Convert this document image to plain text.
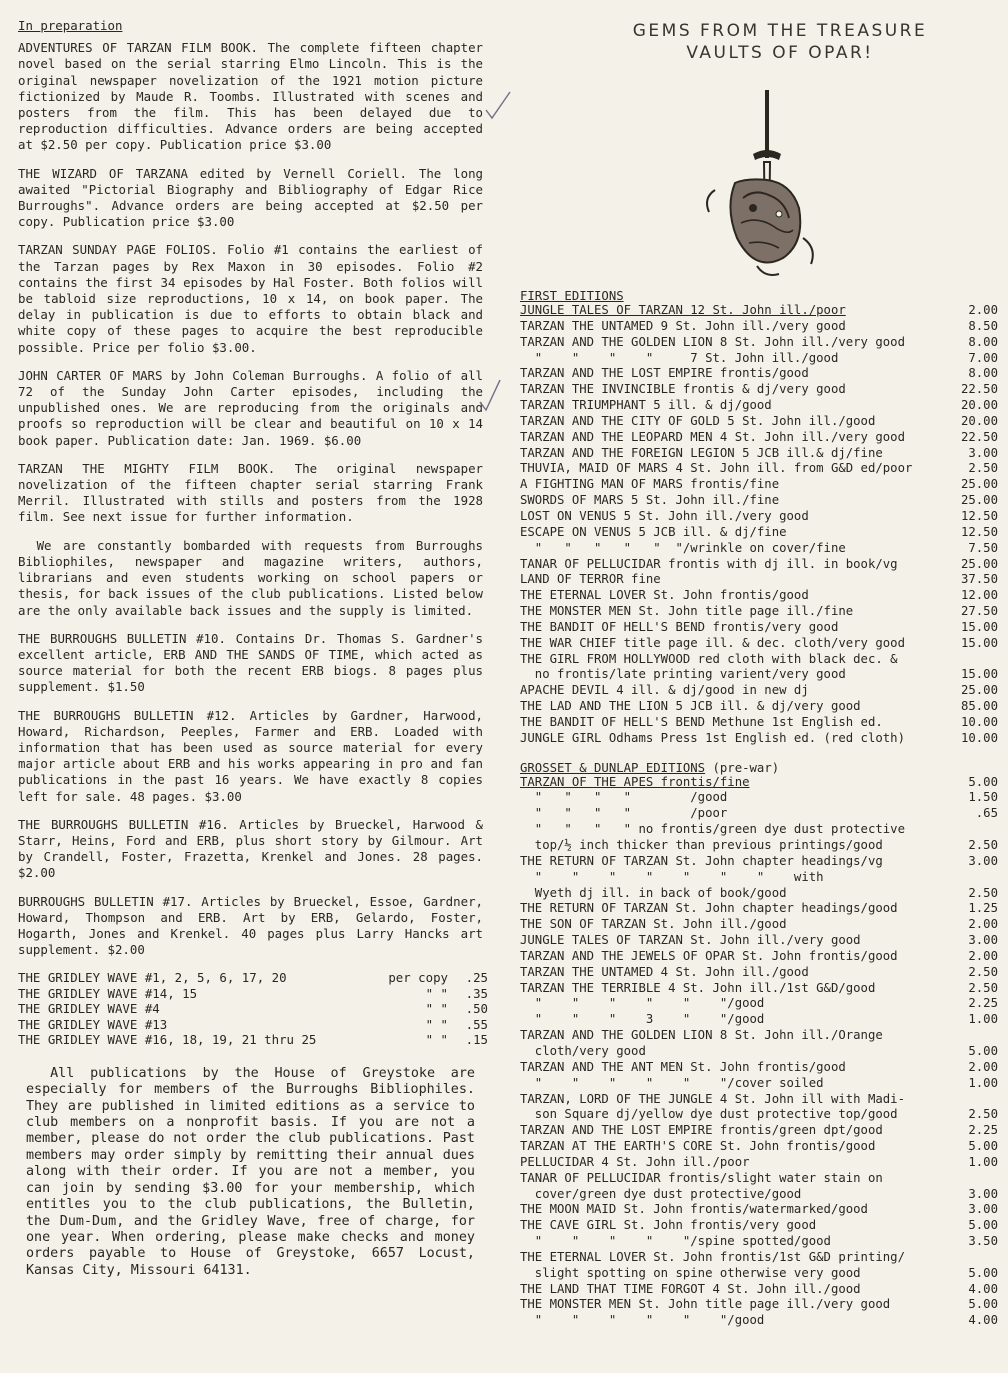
In preparation

ADVENTURES OF TARZAN FILM BOOK. The complete fifteen chapter novel based on the serial starring Elmo Lincoln. This is the original newspaper novelization of the 1921 motion picture fictionized by Maude R. Toombs. Illustrated with scenes and posters from the film. This has been delayed due to reproduction difficulties. Advance orders are being accepted at $2.50 per copy. Publication price $3.00

THE WIZARD OF TARZANA edited by Vernell Coriell. The long awaited "Pictorial Biography and Bibliography of Edgar Rice Burroughs". Advance orders are being accepted at $2.50 per copy. Publication price $3.00

TARZAN SUNDAY PAGE FOLIOS. Folio #1 contains the earliest of the Tarzan pages by Rex Maxon in 30 episodes. Folio #2 contains the first 34 episodes by Hal Foster. Both folios will be tabloid size reproductions, 10 x 14, on book paper. The delay in publication is due to efforts to obtain black and white copy of these pages to acquire the best reproducible possible. Price per folio $3.00.

JOHN CARTER OF MARS by John Coleman Burroughs. A folio of all 72 of the Sunday John Carter episodes, including the unpublished ones. We are reproducing from the originals and proofs so reproduction will be clear and beautiful on 10 x 14 book paper. Publication date: Jan. 1969. $6.00

TARZAN THE MIGHTY FILM BOOK. The original newspaper novelization of the fifteen chapter serial starring Frank Merril. Illustrated with stills and posters from the 1928 film. See next issue for further information.

We are constantly bombarded with requests from Burroughs Bibliophiles, newspaper and magazine writers, authors, librarians and even students working on school papers or thesis, for back issues of the club publications. Listed below are the only available back issues and the supply is limited.

THE BURROUGHS BULLETIN #10. Contains Dr. Thomas S. Gardner's excellent article, ERB AND THE SANDS OF TIME, which acted as source material for both the recent ERB biogs. 8 pages plus supplement. $1.50

THE BURROUGHS BULLETIN #12. Articles by Gardner, Harwood, Howard, Richardson, Peeples, Farmer and ERB. Loaded with information that has been used as source material for every major article about ERB and his works appearing in pro and fan publications in the past 16 years. We have exactly 8 copies left for sale. 48 pages. $3.00

THE BURROUGHS BULLETIN #16. Articles by Brueckel, Harwood & Starr, Heins, Ford and ERB, plus short story by Gilmour. Art by Crandell, Foster, Frazetta, Krenkel and Jones. 28 pages. $2.00

BURROUGHS BULLETIN #17. Articles by Brueckel, Essoe, Gardner, Howard, Thompson and ERB. Art by ERB, Gelardo, Foster, Hogarth, Jones and Krenkel. 40 pages plus Larry Hancks art supplement. $2.00

THE GRIDLEY WAVE #1, 2, 5, 6, 17, 20	per copy	.25
THE GRIDLEY WAVE #14, 15	" "	.35
THE GRIDLEY WAVE #4	" "	.50
THE GRIDLEY WAVE #13	" "	.55
THE GRIDLEY WAVE #16, 18, 19, 21 thru 25	" "	.15
All publications by the House of Greystoke are especially for members of the Burroughs Bibliophiles. They are published in limited editions as a service to club members on a nonprofit basis. If you are not a member, please do not order the club publications. Past members may order simply by remitting their annual dues along with their order. If you are not a member, you can join by sending $3.00 for your membership, which entitles you to the club publications, the Bulletin, the Dum-Dum, and the Gridley Wave, free of charge, for one year. When ordering, please make checks and money orders payable to House of Greystoke, 6657 Locust, Kansas City, Missouri 64131.
GEMS FROM THE TREASURE
VAULTS OF OPAR!
FIRST EDITIONS
JUNGLE TALES OF TARZAN 12 St. John ill./poor	2.00
TARZAN THE UNTAMED 9 St. John ill./very good	8.50
TARZAN AND THE GOLDEN LION 8 St. John ill./very good	8.00
"    "    "    "     7 St. John ill./good	7.00
TARZAN AND THE LOST EMPIRE frontis/good	8.00
TARZAN THE INVINCIBLE frontis & dj/very good	22.50
TARZAN TRIUMPHANT 5 ill. & dj/good	20.00
TARZAN AND THE CITY OF GOLD 5 St. John ill./good	20.00
TARZAN AND THE LEOPARD MEN 4 St. John ill./very good	22.50
TARZAN AND THE FOREIGN LEGION 5 JCB ill.& dj/fine	3.00
THUVIA, MAID OF MARS 4 St. John ill. from G&D ed/poor	2.50
A FIGHTING MAN OF MARS frontis/fine	25.00
SWORDS OF MARS 5 St. John ill./fine	25.00
LOST ON VENUS 5 St. John ill./very good	12.50
ESCAPE ON VENUS 5 JCB ill. & dj/fine	12.50
"   "   "   "   "  "/wrinkle on cover/fine	7.50
TANAR OF PELLUCIDAR frontis with dj ill. in book/vg	25.00
LAND OF TERROR fine	37.50
THE ETERNAL LOVER St. John frontis/good	12.00
THE MONSTER MEN St. John title page ill./fine	27.50
THE BANDIT OF HELL'S BEND frontis/very good	15.00
THE WAR CHIEF title page ill. & dec. cloth/very good	15.00
THE GIRL FROM HOLLYWOOD red cloth with black dec. &
no frontis/late printing varient/very good	15.00
APACHE DEVIL 4 ill. & dj/good in new dj	25.00
THE LAD AND THE LION 5 JCB ill. & dj/very good	85.00
THE BANDIT OF HELL'S BEND Methune 1st English ed.	10.00
JUNGLE GIRL Odhams Press 1st English ed. (red cloth)	10.00
GROSSET & DUNLAP EDITIONS (pre-war)
TARZAN OF THE APES frontis/fine	5.00
"   "   "   "        /good	1.50
"   "   "   "        /poor	.65
"   "   "   " no frontis/green dye dust protective
top/½ inch thicker than previous printings/good	2.50
THE RETURN OF TARZAN St. John chapter headings/vg	3.00
"    "    "    "    "    "    "    with
Wyeth dj ill. in back of book/good	2.50
THE RETURN OF TARZAN St. John chapter headings/good	1.25
THE SON OF TARZAN St. John ill./good	2.00
JUNGLE TALES OF TARZAN St. John ill./very good	3.00
TARZAN AND THE JEWELS OF OPAR St. John frontis/good	2.00
TARZAN THE UNTAMED 4 St. John ill./good	2.50
TARZAN THE TERRIBLE 4 St. John ill./1st G&D/good	2.50
"    "    "    "    "    "/good	2.25
"    "    "    3    "    "/good	1.00
TARZAN AND THE GOLDEN LION 8 St. John ill./Orange
cloth/very good	5.00
TARZAN AND THE ANT MEN St. John frontis/good	2.00
"    "    "    "    "    "/cover soiled	1.00
TARZAN, LORD OF THE JUNGLE 4 St. John ill with Madi-
son Square dj/yellow dye dust protective top/good	2.50
TARZAN AND THE LOST EMPIRE frontis/green dpt/good	2.25
TARZAN AT THE EARTH'S CORE St. John frontis/good	5.00
PELLUCIDAR 4 St. John ill./poor	1.00
TANAR OF PELLUCIDAR frontis/slight water stain on
cover/green dye dust protective/good	3.00
THE MOON MAID St. John frontis/watermarked/good	3.00
THE CAVE GIRL St. John frontis/very good	5.00
"    "    "    "    "/spine spotted/good	3.50
THE ETERNAL LOVER St. John frontis/1st G&D printing/
slight spotting on spine otherwise very good	5.00
THE LAND THAT TIME FORGOT 4 St. John ill./good	4.00
THE MONSTER MEN St. John title page ill./very good	5.00
"    "    "    "    "    "/good	4.00
